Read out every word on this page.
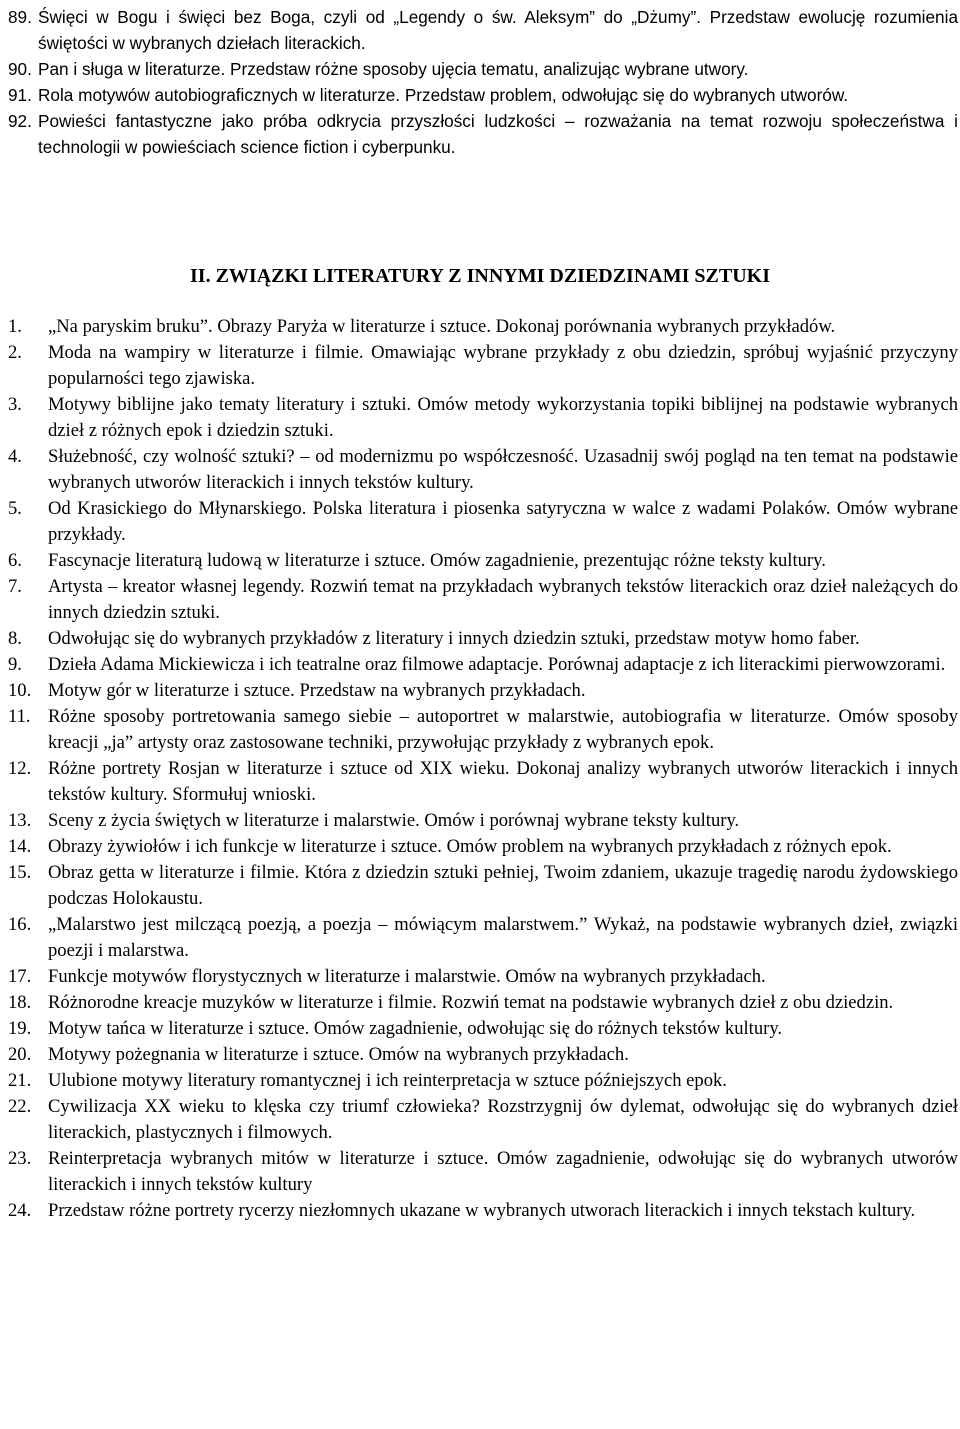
89. Święci w Bogu i święci bez Boga, czyli od „Legendy o św. Aleksym” do „Dżumy”. Przedstaw ewolucję rozumienia świętości w wybranych dziełach literackich.
90. Pan i sługa w literaturze. Przedstaw różne sposoby ujęcia tematu, analizując wybrane utwory.
91. Rola motywów autobiograficznych w literaturze. Przedstaw problem, odwołując się do wybranych utworów.
92. Powieści fantastyczne jako próba odkrycia przyszłości ludzkości – rozważania na temat rozwoju społeczeństwa i technologii w powieściach science fiction i cyberpunku.
II. ZWIĄZKI LITERATURY Z INNYMI DZIEDZINAMI SZTUKI
1.	„Na paryskim bruku”. Obrazy Paryża w literaturze i sztuce. Dokonaj porównania wybranych przykładów.
2.	Moda na wampiry w literaturze i filmie. Omawiając wybrane przykłady z obu dziedzin, spróbuj wyjaśnić przyczyny popularności tego zjawiska.
3.	Motywy biblijne jako tematy literatury i sztuki. Omów metody wykorzystania topiki biblijnej na podstawie wybranych dzieł z różnych epok i dziedzin sztuki.
4.	Służebność, czy wolność sztuki? – od modernizmu po współczesność. Uzasadnij swój pogląd na ten temat na podstawie wybranych utworów literackich i innych tekstów kultury.
5.	Od Krasickiego do Młynarskiego. Polska literatura i piosenka satyryczna w walce z wadami Polaków. Omów wybrane przykłady.
6.	Fascynacje literaturą ludową w literaturze i sztuce. Omów zagadnienie, prezentując różne teksty kultury.
7.	Artysta – kreator własnej legendy. Rozwiń temat na przykładach wybranych tekstów literackich oraz dzieł należących do innych dziedzin sztuki.
8.	Odwołując się do wybranych przykładów z literatury i innych dziedzin sztuki, przedstaw motyw homo faber.
9.	Dzieła Adama Mickiewicza i ich teatralne oraz filmowe adaptacje. Porównaj adaptacje z ich literackimi pierwowzorami.
10. Motyw gór w literaturze i sztuce. Przedstaw na wybranych przykładach.
11. Różne sposoby portretowania samego siebie – autoportret w malarstwie, autobiografia w literaturze. Omów sposoby kreacji „ja” artysty oraz zastosowane techniki, przywołując przykłady z wybranych epok.
12. Różne portrety Rosjan w literaturze i sztuce od XIX wieku. Dokonaj analizy wybranych utworów literackich i innych tekstów kultury. Sformułuj wnioski.
13. Sceny z życia świętych w literaturze i malarstwie. Omów i porównaj wybrane teksty kultury.
14. Obrazy żywiołów i ich funkcje w literaturze i sztuce. Omów problem na wybranych przykładach z różnych epok.
15. Obraz getta w literaturze i filmie. Która z dziedzin sztuki pełniej, Twoim zdaniem, ukazuje tragedię narodu żydowskiego podczas Holokaustu.
16. „Malarstwo jest milczącą poezją, a poezja – mówiącym malarstwem.” Wykaż, na podstawie wybranych dzieł, związki poezji i malarstwa.
17. Funkcje motywów florystycznych w literaturze i malarstwie. Omów na wybranych przykładach.
18. Różnorodne kreacje muzyków w literaturze i filmie. Rozwiń temat na podstawie wybranych dzieł z obu dziedzin.
19. Motyw tańca w literaturze i sztuce. Omów zagadnienie, odwołując się do różnych tekstów kultury.
20. Motywy pożegnania w literaturze i sztuce. Omów na wybranych przykładach.
21. Ulubione motywy literatury romantycznej i ich reinterpretacja w sztuce późniejszych epok.
22. Cywilizacja XX wieku to klęska czy triumf człowieka? Rozstrzygnij ów dylemat, odwołując się do wybranych dzieł literackich, plastycznych i filmowych.
23. Reinterpretacja wybranych mitów w literaturze i sztuce. Omów zagadnienie, odwołując się do wybranych utworów literackich i innych tekstów kultury
24. Przedstaw różne portrety rycerzy niezłomnych ukazane w wybranych utworach literackich i innych tekstach kultury.
